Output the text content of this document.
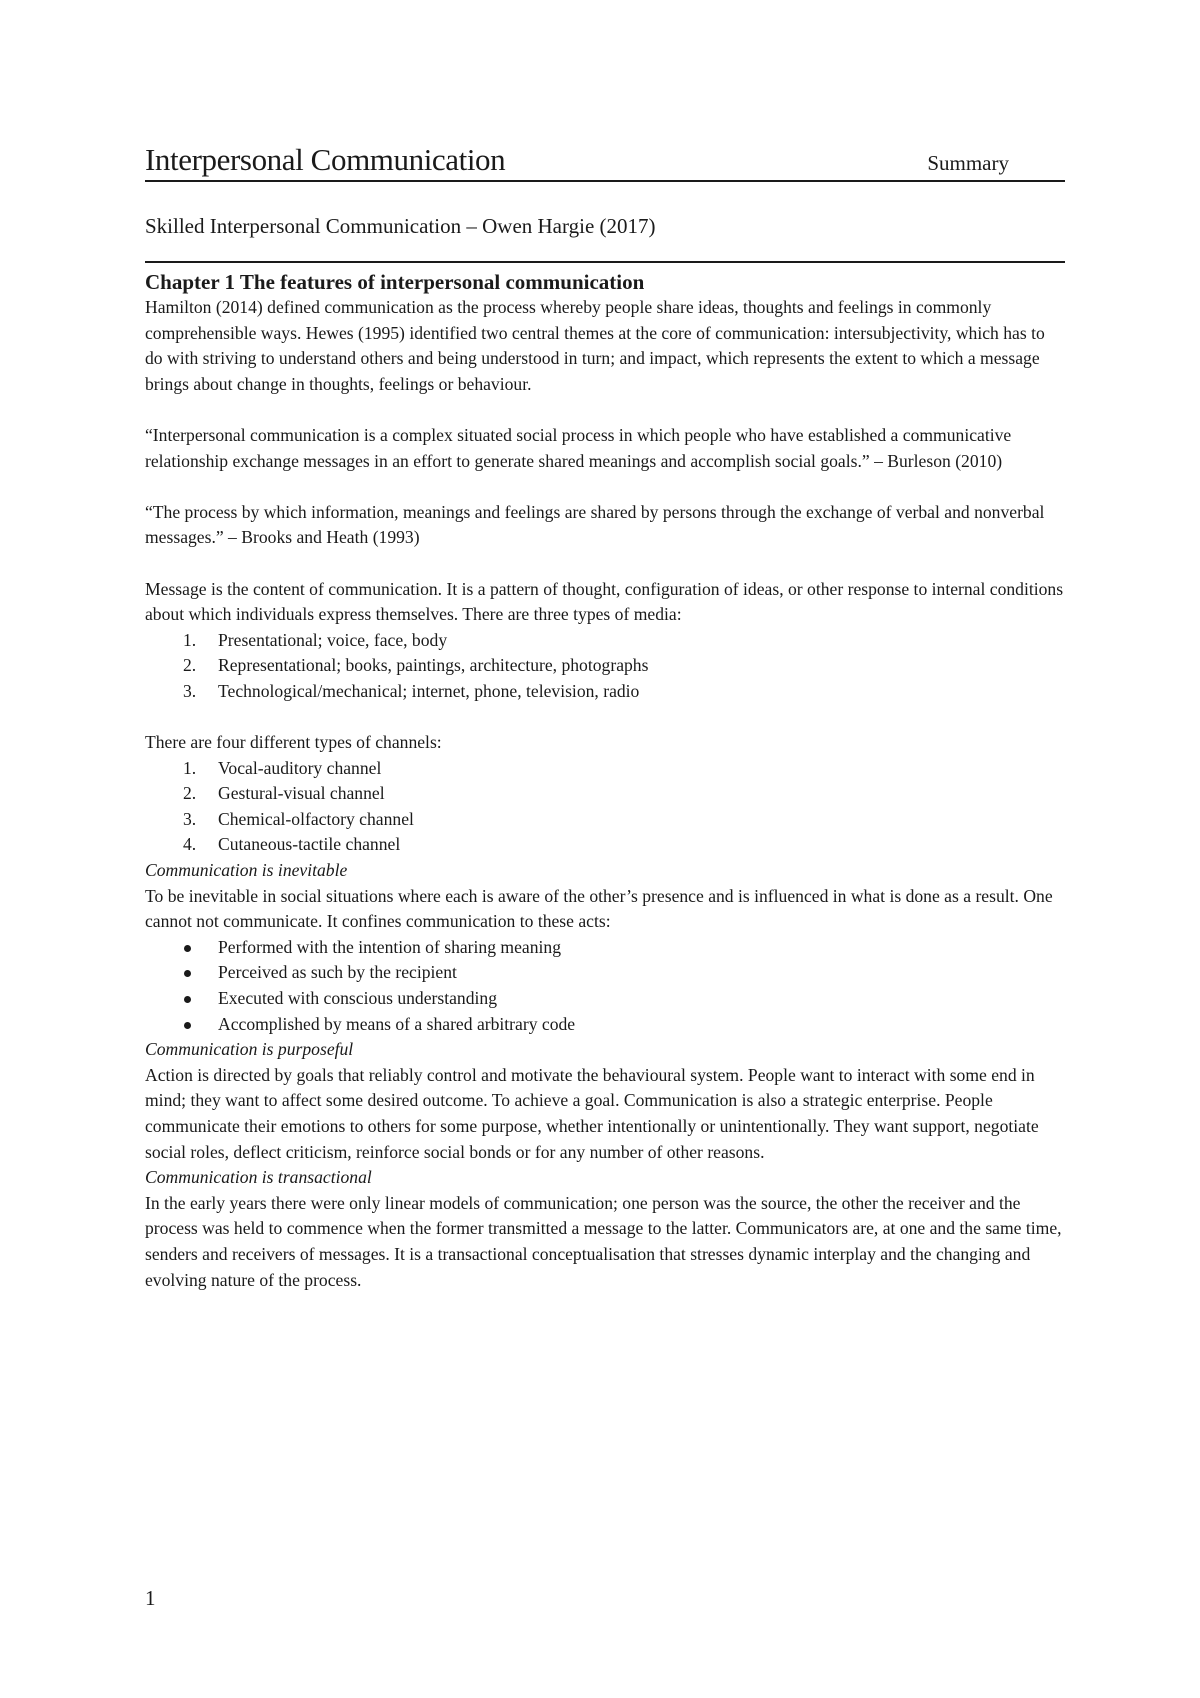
Interpersonal Communication	Summary
Skilled Interpersonal Communication – Owen Hargie (2017)
Chapter 1 The features of interpersonal communication

Hamilton (2014) defined communication as the process whereby people share ideas, thoughts and feelings in commonly comprehensible ways. Hewes (1995) identified two central themes at the core of communication: intersubjectivity, which has to do with striving to understand others and being understood in turn; and impact, which represents the extent to which a message brings about change in thoughts, feelings or behaviour.

“Interpersonal communication is a complex situated social process in which people who have established a communicative relationship exchange messages in an effort to generate shared meanings and accomplish social goals.” – Burleson (2010)

“The process by which information, meanings and feelings are shared by persons through the exchange of verbal and nonverbal messages.” – Brooks and Heath (1993)

Message is the content of communication. It is a pattern of thought, configuration of ideas, or other response to internal conditions about which individuals express themselves. There are three types of media:

1. Presentational; voice, face, body
2. Representational; books, paintings, architecture, photographs
3. Technological/mechanical; internet, phone, television, radio

There are four different types of channels:

1. Vocal-auditory channel
2. Gestural-visual channel
3. Chemical-olfactory channel
4. Cutaneous-tactile channel

Communication is inevitable

To be inevitable in social situations where each is aware of the other’s presence and is influenced in what is done as a result. One cannot not communicate. It confines communication to these acts:

Performed with the intention of sharing meaning
Perceived as such by the recipient
Executed with conscious understanding
Accomplished by means of a shared arbitrary code

Communication is purposeful

Action is directed by goals that reliably control and motivate the behavioural system. People want to interact with some end in mind; they want to affect some desired outcome. To achieve a goal. Communication is also a strategic enterprise. People communicate their emotions to others for some purpose, whether intentionally or unintentionally. They want support, negotiate social roles, deflect criticism, reinforce social bonds or for any number of other reasons.

Communication is transactional

In the early years there were only linear models of communication; one person was the source, the other the receiver and the process was held to commence when the former transmitted a message to the latter. Communicators are, at one and the same time, senders and receivers of messages. It is a transactional conceptualisation that stresses dynamic interplay and the changing and evolving nature of the process.

1
